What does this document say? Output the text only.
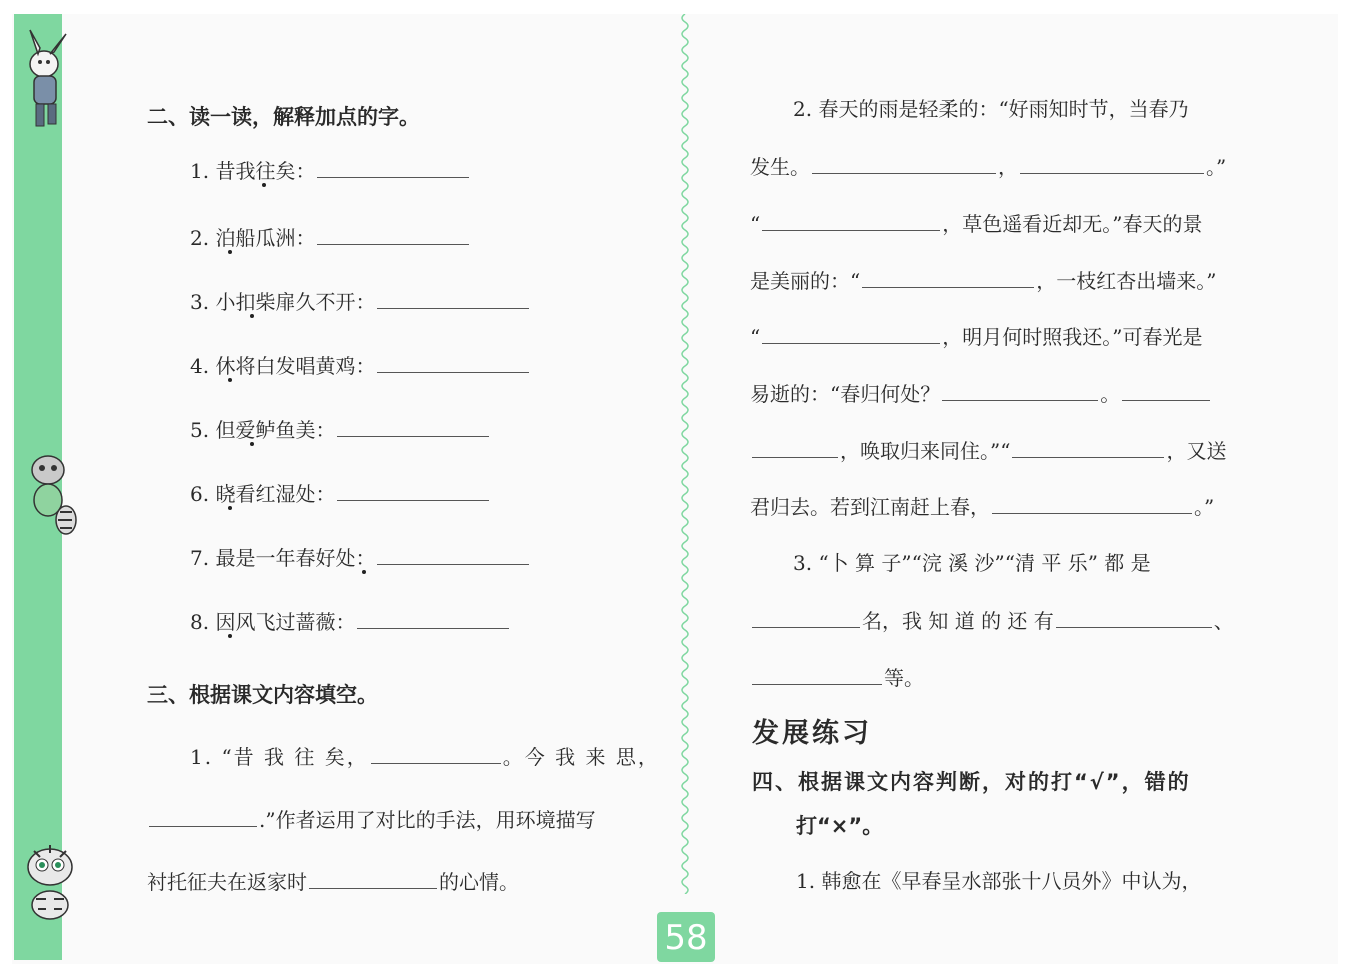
二、读一读，解释加点的字。
1. 昔我往矣：
2. 泊船瓜洲：
3. 小扣柴扉久不开：
4. 休将白发唱黄鸡：
5. 但爱鲈鱼美：
6. 晓看红湿处：
7. 最是一年春好处：
8. 因风飞过蔷薇：
三、根据课文内容填空。
1. “昔 我 往 矣，	。今 我 来 思，
.”作者运用了对比的手法，用环境描写
衬托征夫在返家时	的心情。
2. 春天的雨是轻柔的：“好雨知时节，当春乃
发生。	，	。”
“	，草色遥看近却无。”春天的景
是美丽的：“	，一枝红杏出墙来。”
“	，明月何时照我还。”可春光是
易逝的：“春归何处？	。
，唤取归来同住。”“	，又送
君归去。若到江南赶上春，	。”
3. “卜 算 子”“浣 溪 沙”“清 平 乐” 都 是
名，我 知 道 的 还 有	、
等。
发展练习
四、根据课文内容判断，对的打“√”，错的
打“×”。
1. 韩愈在《早春呈水部张十八员外》中认为，
58
